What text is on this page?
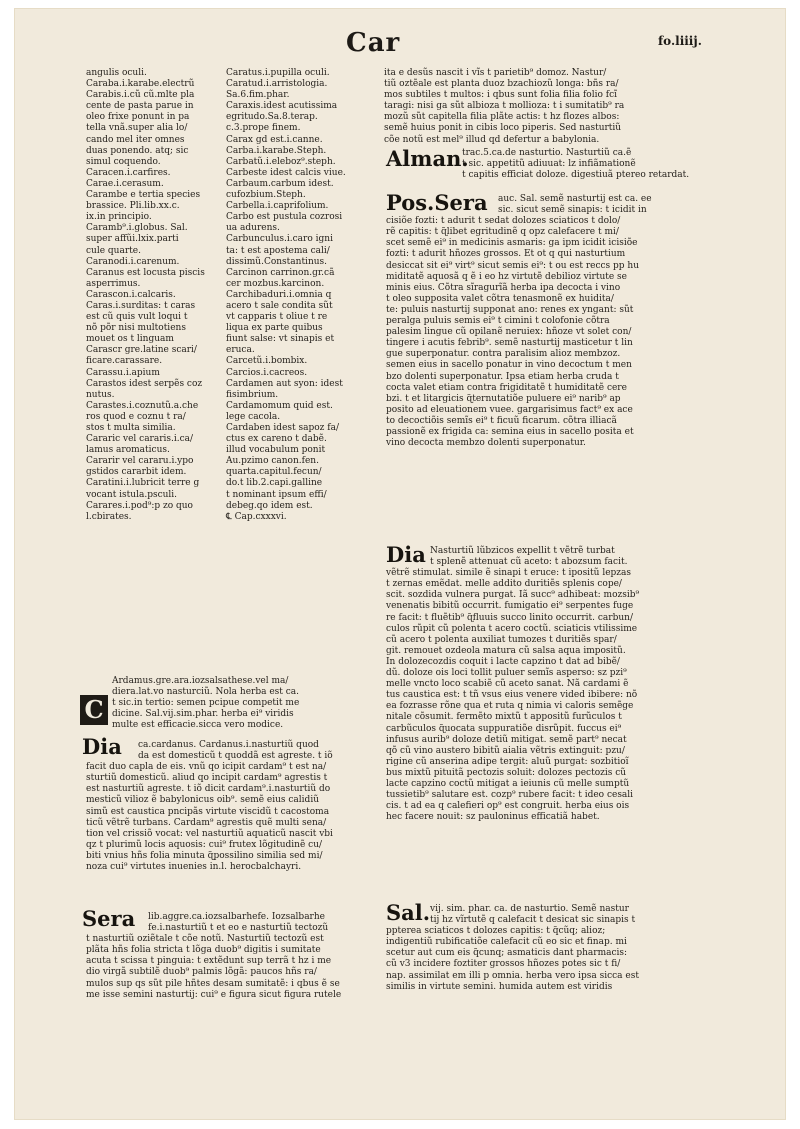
Car	fo.liiij.
angulis oculi.
Caraba.i.karabe.electrũ
Carabis.i.cũ cũ.mlte pla
cente de pasta parue in
oleo frixe ponunt in pa
tella vnã.super alia lo/
cando mel iter omnes
duas ponendo. atq; sic
simul coquendo.
Caracen.i.carfires.
Carae.i.cerasum.
Carambe e tertia species
brassice. Pli.lib.xx.c.
ix.in principio.
Caramb⁹.i.globus. Sal.
super affũi.lxix.parti
cule quarte.
Caranodi.i.carenum.
Caranus est locusta piscis
asperrimus.
Carascon.i.calcaris.
Caras.i.surditas: t caras
est cũ quis vult loqui t
nõ põr nisi multotiens
mouet os t linguam
Carascr gre.latine scari/
ficare.carassare.
Carassu.i.apium
Carastos idest serpẽs coz
nutus.
Carastes.i.coznutũ.a.che
ros quod e coznu t ra/
stos t multa similia.
Cararic vel cararis.i.ca/
lamus aromaticus.
Cararir vel cararu.i.ypo
gstidos cararbit idem.
Caratini.i.lubricit terre g
vocant istula.psculi.
Carares.i.pod⁹:p zo quo
l.cbirates.
Caratus.i.pupilla oculi.
Caratud.i.arristologia.
Sa.6.fim.phar.
Caraxis.idest acutissima
egritudo.Sa.8.terap.
c.3.prope finem.
Carax gd est.i.canne.
Carba.i.karabe.Steph.
Carbatũ.i.eleboz⁹.steph.
Carbeste idest calcis viue.
Carbaum.carbum idest.
cufozbium.Steph.
Carbella.i.caprifolium.
Carbo est pustula cozrosi
ua adurens.
Carbunculus.i.caro igni
ta: t est apostema cali/
dissimũ.Constantinus.
Carcinon carrinon.gr.cã
cer mozbus.karcinon.
Carchibaduri.i.omnia q
acero t sale condita sũt
vt capparis t oliue t re
liqua ex parte quibus
fiunt salse: vt sinapis et
eruca.
Carcetũ.i.bombix.
Carcios.i.cacreos.
Cardamen aut syon: idest
fisimbrium.
Cardamomum quid est.
lege cacola.
Cardaben idest sapoz fa/
ctus ex careno t dabẽ.
illud vocabulum ponit
Au.pzimo canon.fen.
quarta.capitul.fecun/
do.t lib.2.capi.galline
t nominant ipsum effi/
debeg.qo idem est.
℄ Cap.cxxxvi.
ita e desũs nascit i vĩs t parietib⁹ domoz. Nastur/
tiũ oztẽale est planta duoz bzachiozũ longa: bñs ra/
mos subtiles t multos: i qbus sunt folia filia folio fcĩ
taragi: nisi ga sũt albioza t mollioza: t i sumitatib⁹ ra
mozũ sũt capitella filia plãte actis: t hz flozes albos:
semẽ huius ponit in cibis loco piperis. Sed nasturtiũ
cõe notũ est mel⁹ illud qd defertur a babylonia.
Alman.
trac.5.ca.de nasturtio. Nasturtiũ ca.ẽ
t sic. appetitũ adiuuat: lz infiãmationẽ
t capitis efficiat doloze. digestiuã ptereo retardat.
Pos.Sera	auc. Sal. semẽ nasturtij est ca. ee
sic. sicut semẽ sinapis: t icidit in
cisiõe fozti: t adurit t sedat dolozes sciaticos t dolo/
rẽ capitis: t ɋ̃libet egritudinẽ q opz calefacere t mi/
scet semẽ ei⁹ in medicinis asmaris: ga ipm icidit icisiõe
fozti: t adurit hñozes grossos. Et ot q qui nasturtium
desiccat sit ei⁹ virt⁹ sicut semis ei⁹: t ou est reccs pp hu
miditatẽ aquosã q ẽ i eo hz virtutẽ debilioz virtute se
minis eius. Cõtra sĩragurĩã herba ipa decocta i vino
t oleo supposita valet cõtra tenasmonẽ ex huidita/
te: puluis nasturtij supponat ano: renes ex yngant: sũt
peralga puluis semis ei⁹ t cimini t colofonie cõtra
palesim lingue cũ opilanẽ neruiex: hñoze vt solet con/
tingere i acutis febrib⁹. semẽ nasturtij masticetur t lin
gue superponatur. contra paralisim alioz membzoz.
semen eius in sacello ponatur in vino decoctum t men
bzo dolenti superponatur. Ipsa etiam herba cruda t
cocta valet etiam contra frigiditatẽ t humiditatẽ cere
bzi. t et litargicis ɋ̃ternutatiõe puluere ei⁹ narib⁹ ap
posito ad eleuationem vuee. gargarisimus fact⁹ ex ace
to decoctiõis semĩs ei⁹ t ficuũ ficarum. cõtra illiacã
passionẽ ex frigida ca: semina eius in sacello posita et
vino decocta membzo dolenti superponatur.
Dia Nasturtiũ lũbzicos expellit t vẽtrẽ turbat
t splenẽ attenuat cũ aceto: t abozsum facit.
vẽtrẽ stimulat. simile ẽ sinapi t eruce: t ipositũ lepzas
t zernas emẽdat. melle addito duritiẽs splenis cope/
scit. sozdida vulnera purgat. Iã succ⁹ adhibeat: mozsib⁹
venenatis bibitũ occurrit. fumigatio ei⁹ serpentes fuge
re facit: t fluẽtib⁹ ɋ̃fluuis succo linito occurrit. carbun/
culos rũpit cũ polenta t acero coctũ. sciaticis vtilissime
cũ acero t polenta auxiliat tumozes t duritiẽs spar/
git. remouet ozdeola matura cũ salsa aqua impositũ.
In dolozecozdis coquit i lacte capzino t dat ad bibẽ/
dũ. doloze ois loci tollit puluer semĩs asperso: sz pzi⁹
melle vncto loco scabiẽ cũ aceto sanat. Nã cardami ẽ
tus caustica est: t tñ vsus eius venere vided ibibere: nõ
ea fozrasse rõne qua et ruta q nimia vi caloris semẽge
nitale cõsumit. fermẽto mixtũ t appositũ furũculos t
carbũculos ɋ̃uocata suppuratiõe disrũpit. fuccus ei⁹
infusus aurib⁹ doloze detiũ mitigat. semẽ part⁹ necat
qõ cũ vino austero bibitũ aialia vẽtris extinguit: pzu/
rigine cũ anserina adipe tergit: aluũ purgat: sozbitioĩ
bus mixtũ pituitã pectozis soluit: dolozes pectozis cũ
lacte capzino coctũ mitigat a ieiunis cũ melle sumptũ
tussietib⁹ salutare est. cozp⁹ rubere facit: t ideo cesali
cis. t ad ea q calefieri op⁹ est congruit. herba eius ois
hec facere nouit: sz pauloninus efficatiã habet.
Sal. vij. sim. phar. ca. de nasturtio. Semẽ nastur
tij hz vĩrtutẽ q calefacit t desicat sic sinapis t
ppterea sciaticos t dolozes capitis: t q̃cũq; alioz;
indigentiũ rubificatiõe calefacit cũ eo sic et finap. mi
scetur aut cum eis q̃cunq; asmaticis dant pharmacis:
cũ v3 incidere foztiter grossos hñozes potes sic t fi/
nap. assimilat em illi p omnia. herba vero ipsa sicca est
similis in virtute semini. humida autem est viridis
C
Ardamus.gre.ara.iozsalsathese.vel ma/
diera.lat.vo nasturciũ. Nola herba est ca.
t sic.in tertio: semen pcipue competit me
dicine. Sal.vij.sim.phar. herba ei⁹ viridis
multe est efficacie.sicca vero modice.
Dia	ca.cardanus. Cardanus.i.nasturtiũ quod
da est domesticũ t quoddã est agreste. t iõ
facit duo capla de eis. vnũ qo icipit cardam⁹ t est na/
sturtiũ domesticũ. aliud qo incipit cardam⁹ agrestis t
est nasturtiũ agreste. t iõ dicit cardam⁹.i.nasturtiũ do
mesticũ vilioz ẽ babylonicus oib⁹. semẽ eius calidiũ
simũ est caustica pncipãs virtute viscidũ t cacostoma
ticũ vẽtrẽ turbans. Cardam⁹ agrestis quẽ multi sena/
tion vel crissiõ vocat: vel nasturtiũ aquaticũ nascit vbi
qz t plurimũ locis aquosis: cui⁹ frutex lõgitudinẽ cu/
biti vnius hñs folia minuta ɋ̃possilino similia sed mi/
noza cui⁹ virtutes inuenies in.l. herocbalchayri.
Sera	lib.aggre.ca.iozsalbarhefe. Iozsalbarhe
fe.i.nasturtiũ t et eo e nasturtiũ tectozũ
t nasturtiũ oziẽtale t cõe notũ. Nasturtiũ tectozũ est
plãta hñs folia stricta t lõga duob⁹ digitis i sumitate
acuta t scissa t pinguia: t extẽdunt sup terrã t hz i me
dio virgã subtilẽ duob⁹ palmis lõgã: paucos hñs ra/
mulos sup qs sũt pile hñtes desam sumitatẽ: i qbus ẽ se
me isse semini nasturtij: cui⁹ e figura sicut figura rutele
